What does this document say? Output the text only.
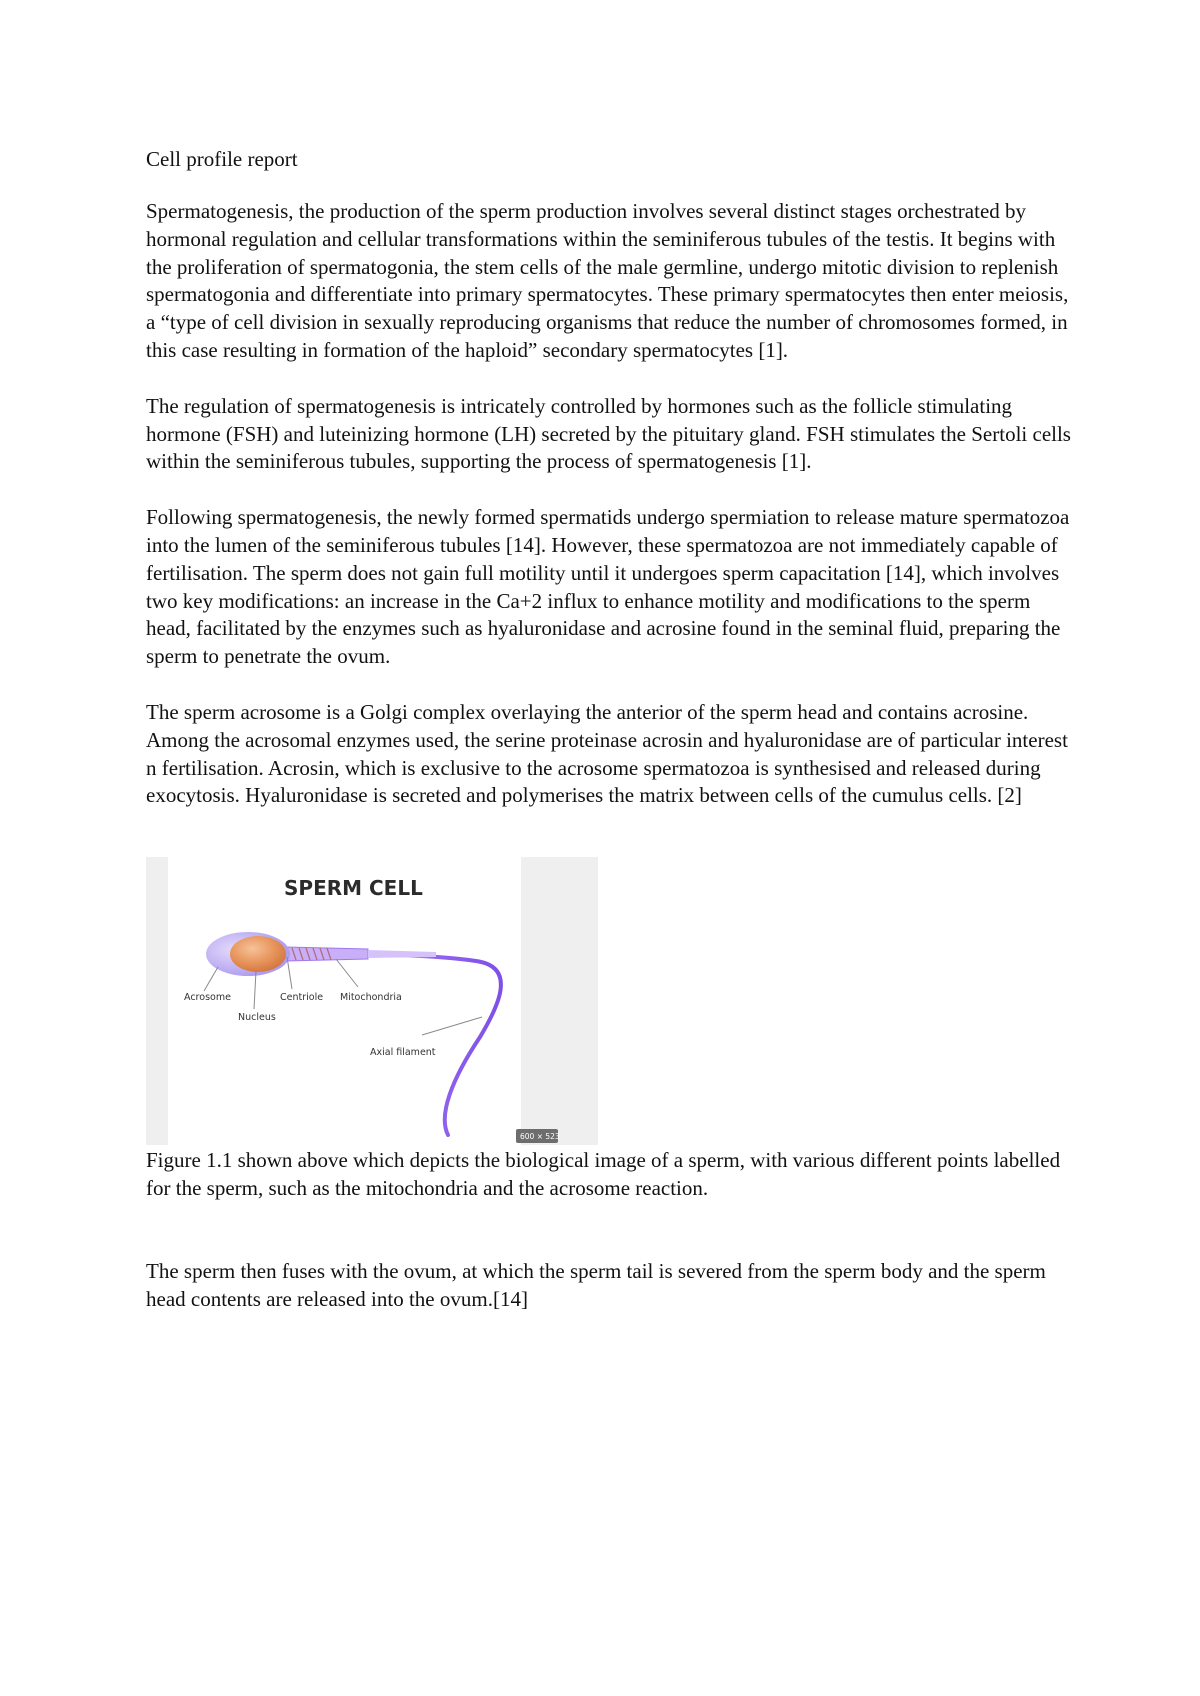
Cell profile report

Spermatogenesis, the production of the sperm production involves several distinct stages orchestrated by hormonal regulation and cellular transformations within the seminiferous tubules of the testis. It begins with the proliferation of spermatogonia, the stem cells of the male germline, undergo mitotic division to replenish spermatogonia and differentiate into primary spermatocytes. These primary spermatocytes then enter meiosis, a “type of cell division in sexually reproducing organisms that reduce the number of chromosomes formed, in this case resulting in formation of the haploid” secondary spermatocytes [1].

The regulation of spermatogenesis is intricately controlled by hormones such as the follicle stimulating hormone (FSH) and luteinizing hormone (LH) secreted by the pituitary gland. FSH stimulates the Sertoli cells within the seminiferous tubules, supporting the process of spermatogenesis [1].

Following spermatogenesis, the newly formed spermatids undergo spermiation to release mature spermatozoa into the lumen of the seminiferous tubules [14]. However, these spermatozoa are not immediately capable of fertilisation. The sperm does not gain full motility until it undergoes sperm capacitation [14], which involves two key modifications: an increase in the Ca+2 influx to enhance motility and modifications to the sperm head, facilitated by the enzymes such as hyaluronidase and acrosine found in the seminal fluid, preparing the sperm to penetrate the ovum.

The sperm acrosome is a Golgi complex overlaying the anterior of the sperm head and contains acrosine. Among the acrosomal enzymes used, the serine proteinase acrosin and hyaluronidase are of particular interest n fertilisation. Acrosin, which is exclusive to the acrosome spermatozoa is synthesised and released during exocytosis. Hyaluronidase is secreted and polymerises the matrix between cells of the cumulus cells. [2]

SPERM CELL
Acrosome
Nucleus
Centriole Mitochondria
Axial filament
600 × 523

Figure 1.1 shown above which depicts the biological image of a sperm, with various different points labelled for the sperm, such as the mitochondria and the acrosome reaction.

The sperm then fuses with the ovum, at which the sperm tail is severed from the sperm body and the sperm head contents are released into the ovum.[14]
